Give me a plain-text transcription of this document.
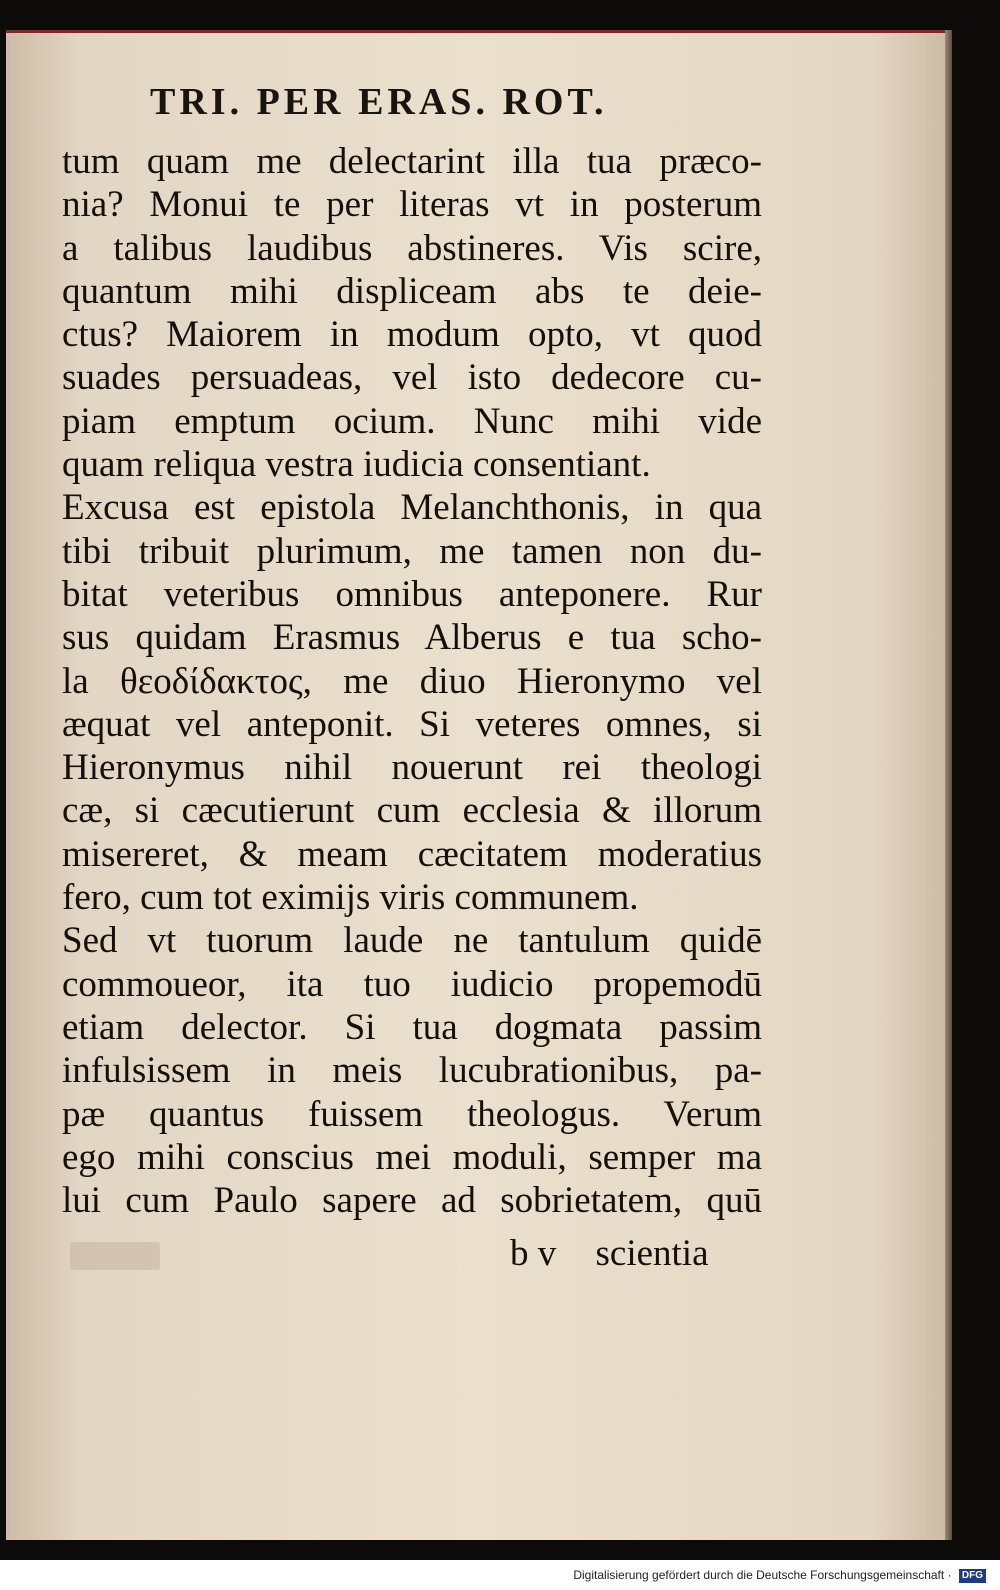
TRI. PER ERAS. ROT.
tum quam me delectarint illa tua præco-
nia? Monui te per literas vt in posterum
a talibus laudibus abstineres. Vis scire,
quantum mihi displiceam abs te deie-
ctus? Maiorem in modum opto, vt quod
suades persuadeas, vel isto dedecore cu-
piam emptum ocium. Nunc mihi vide
quam reliqua vestra iudicia consentiant.
Excusa est epistola Melanchthonis, in qua
tibi tribuit plurimum, me tamen non du-
bitat veteribus omnibus anteponere. Rur
sus quidam Erasmus Alberus e tua scho-
la θεοδίδακτος, me diuo Hieronymo vel
æquat vel anteponit. Si veteres omnes, si
Hieronymus nihil nouerunt rei theologi
cæ, si cæcutierunt cum ecclesia & illorum
misereret, & meam cæcitatem moderatius
fero, cum tot eximijs viris communem.
Sed vt tuorum laude ne tantulum quidē
commoueor, ita tuo iudicio propemodū
etiam delector. Si tua dogmata passim
infulsissem in meis lucubrationibus, pa-
pæ quantus fuissem theologus. Verum
ego mihi conscius mei moduli, semper ma
lui cum Paulo sapere ad sobrietatem, quū
b v scientia
Digitalisierung gefördert durch die Deutsche Forschungsgemeinschaft · DFG
